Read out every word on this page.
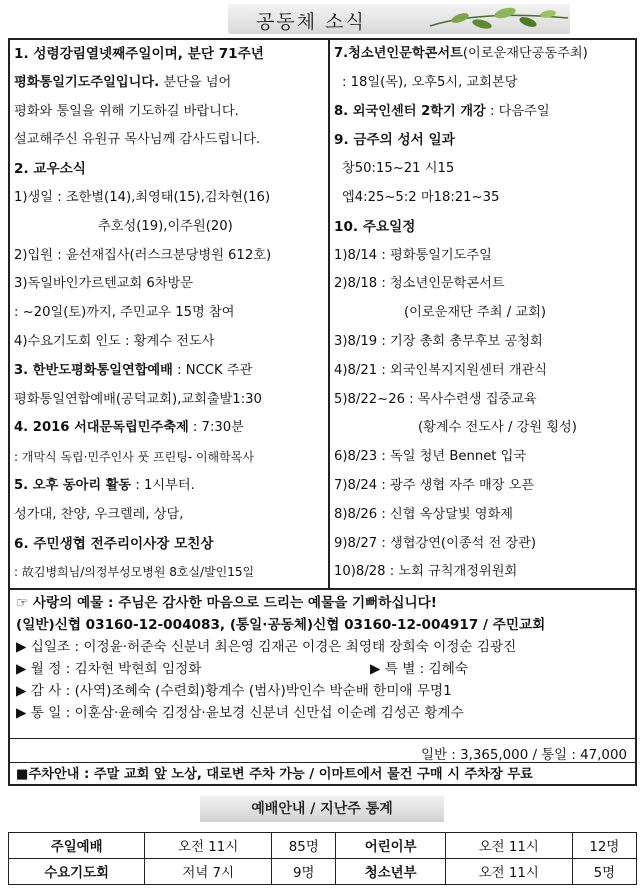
공동체 소식
1. 성령강림열넷째주일이며, 분단 71주년
평화통일기도주일입니다. 분단을 넘어
평화와 통일을 위해 기도하길 바랍니다.
설교해주신 유원규 목사님께 감사드립니다.
2. 교우소식
1)생일 : 조한별(14),최영태(15),김차현(16)
추호성(19),이주원(20)
2)입원 : 윤선재집사(러스크분당병원 612호)
3)독일바인가르텐교회 6차방문
: ~20일(토)까지, 주민교우 15명 참여
4)수요기도회 인도 : 황계수 전도사
3. 한반도평화통일연합예배 : NCCK 주관
평화통일연합예배(공덕교회),교회출발1:30
4. 2016 서대문독립민주축제 : 7:30분
: 개막식 독립·민주인사 풋 프린팅- 이해학목사
5. 오후 동아리 활동 : 1시부터.
성가대, 찬양, 우크렐레, 상담,
6. 주민생협 전주리이사장 모친상
: 故김병희님/의정부성모병원 8호실/발인15일
7.청소년인문학콘서트(이로운재단공동주최)
: 18일(목), 오후5시, 교회본당
8. 외국인센터 2학기 개강 : 다음주일
9. 금주의 성서 일과
창50:15~21 시15
엡4:25~5:2 마18:21~35
10. 주요일정
1)8/14 : 평화통일기도주일
2)8/18 : 청소년인문학콘서트
(이로운재단 주최 / 교회)
3)8/19 : 기장 총회 총무후보 공청회
4)8/21 : 외국인복지지원센터 개관식
5)8/22~26 : 목사수련생 집중교육
(황계수 전도사 / 강원 횡성)
6)8/23 : 독일 청년 Bennet 입국
7)8/24 : 광주 생협 자주 매장 오픈
8)8/26 : 신협 옥상달빛 영화제
9)8/27 : 생협강연(이종석 전 장관)
10)8/28 : 노회 규칙개정위원회
☞ 사랑의 예물 : 주님은 감사한 마음으로 드리는 예물을 기뻐하십니다!
(일반)신협 03160-12-004083, (통일·공동체)신협 03160-12-004917 / 주민교회
▶ 십일조 : 이정윤·허준숙 신분녀 최은영 김재곤 이경은 최영태 장희숙 이정순 김광진
▶ 월 정 : 김차현 박현희 임정화	▶ 특 별 : 김혜숙
▶ 감 사 : (사역)조혜숙 (수련회)황계수 (범사)박인수 박순배 한미애 무명1
▶ 통 일 : 이훈삼·윤혜숙 김정삼·윤보경 신분녀 신만섭 이순례 김성곤 황계수
일반 : 3,365,000 / 통일 : 47,000
■주차안내 : 주말 교회 앞 노상, 대로변 주차 가능 / 이마트에서 물건 구매 시 주차장 무료
예배안내 / 지난주 통계
주일예배	오전 11시	85명	어린이부	오전 11시	12명
수요기도회	저녁 7시	9명	청소년부	오전 11시	5명
